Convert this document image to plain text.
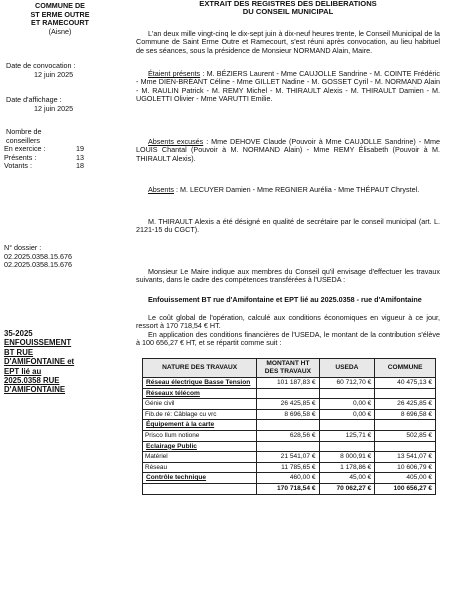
COMMUNE DE
ST ERME OUTRE
ET RAMECOURT
(Aisne)
Date de convocation :
12 juin 2025
Date d'affichage :
12 juin 2025
Nombre de
conseillers
En exercice :	19
Présents :	13
Votants :	18
N° dossier :
02.2025.0358.15.676
02.2025.0358.15.676
35-2025
ENFOUISSEMENT
BT RUE
D'AMIFONTAINE et
EPT lié au
2025.0358 RUE
D'AMIFONTAINE
EXTRAIT DES REGISTRES DES DELIBERATIONS
DU CONSEIL MUNICIPAL
L'an deux mille vingt-cinq le dix-sept juin à dix-neuf heures trente, le Conseil Municipal de la Commune de Saint Erme Outre et Ramecourt, s'est réuni après convocation, au lieu habituel de ses séances, sous la présidence de Monsieur NORMAND Alain, Maire.
Étaient présents : M. BÉZIERS Laurent - Mme CAUJOLLE Sandrine - M. COINTE Frédéric - Mme DIEN-BRÉANT Céline - Mme GILLET Nadine - M. GOSSET Cyril - M. NORMAND Alain - M. RAULIN Patrick - M. REMY Michel - M. THIRAULT Alexis - M. THIRAULT Damien - M. UGOLETTI Olivier - Mme VARUTTI Emilie.
Absents excusés : Mme DEHOVE Claude (Pouvoir à Mme CAUJOLLE Sandrine) - Mme LOUIS Chantal (Pouvoir à M. NORMAND Alain) - Mme REMY Élisabeth (Pouvoir à M. THIRAULT Alexis).
Absents : M. LECUYER Damien - Mme REGNIER Aurélia - Mme THÉPAUT Chrystel.
M. THIRAULT Alexis a été désigné en qualité de secrétaire par le conseil municipal (art. L. 2121-15 du CGCT).
Monsieur Le Maire indique aux membres du Conseil qu'il envisage d'effectuer les travaux suivants, dans le cadre des compétences transférées à l'USEDA :
Enfouissement BT rue d'Amifontaine et EPT lié au 2025.0358 - rue d'Amifontaine
Le coût global de l'opération, calculé aux conditions économiques en vigueur à ce jour, ressort à 170 718,54 € HT.
En application des conditions financières de l'USEDA, le montant de la contribution s'élève à 100 656,27 € HT, et se répartit comme suit :
NATURE DES TRAVAUX	MONTANT HT DES TRAVAUX	USEDA	COMMUNE
Réseau électrique Basse Tension	101 187,83 €	60 712,70 €	40 475,13 €
Réseaux télécom			
Génie civil	26 425,85 €	0,00 €	26 425,85 €
Fib.de ré: Câblage cu vrc	8 696,58 €	0,00 €	8 696,58 €
Équipement à la carte			
Prisco Ilum notione	628,56 €	125,71 €	502,85 €
Eclairage Public			
Matériel	21 541,07 €	8 000,91 €	13 541,07 €
Réseau	11 785,65 €	1 178,86 €	10 606,79 €
Contrôle technique	460,00 €	45,00 €	405,00 €
	170 718,54 €	70 062,27 €	100 656,27 €
